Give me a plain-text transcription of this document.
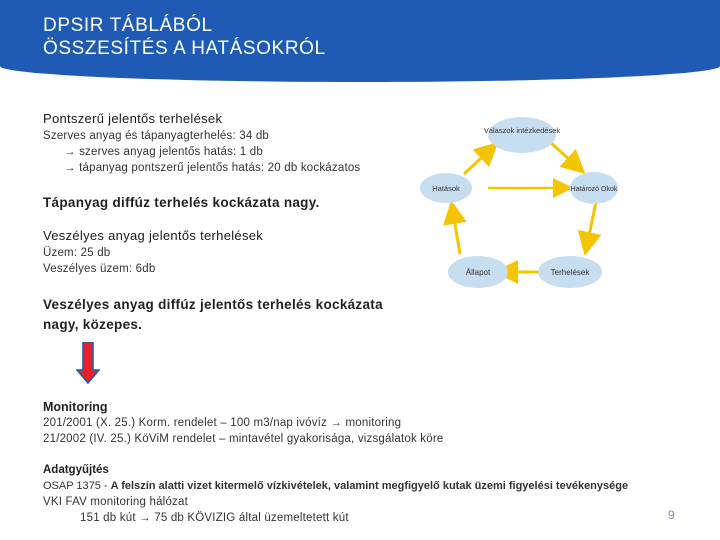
DPSIR TÁBLÁBÓL
ÖSSZESÍTÉS A HATÁSOKRÓL
Pontszerű jelentős terhelések
Szerves anyag és tápanyagterhelés: 34 db
→ szerves anyag jelentős hatás: 1 db
→ tápanyag pontszerű jelentős hatás: 20 db kockázatos
Tápanyag diffúz terhelés kockázata nagy.
Veszélyes anyag jelentős terhelések
Üzem: 25 db
Veszélyes üzem: 6db
Veszélyes anyag diffúz jelentős terhelés kockázata
nagy, közepes.
Monitoring
201/2001 (X. 25.) Korm. rendelet – 100 m3/nap ivóvíz → monitoring
21/2002 (IV. 25.) KöViM rendelet – mintavétel gyakorisága, vizsgálatok köre
Adatgyűjtés
OSAP 1375 - A felszín alatti vizet kitermelő vízkivételek, valamint megfigyelő kutak üzemi figyelési tevékenysége
VKI FAV monitoring hálózat
151 db kút → 75 db KÖVIZIG által üzemeltetett kút
Válaszok intézkedések
Hatások	Határozó Okok
Állapot	Terhelések
9
